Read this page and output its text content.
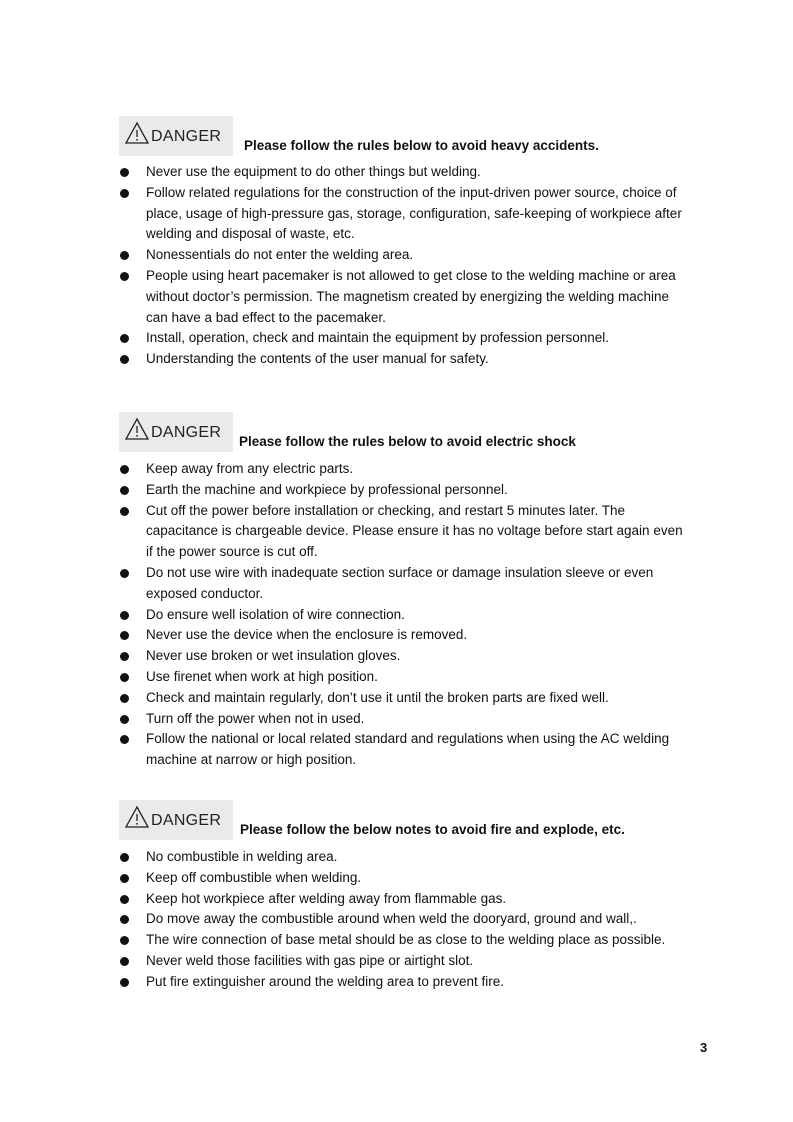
DANGER
Please follow the rules below to avoid heavy accidents.
Never use the equipment to do other things but welding.
Follow related regulations for the construction of the input-driven power source, choice of
place, usage of high-pressure gas, storage, configuration, safe-keeping of workpiece after
welding and disposal of waste, etc.
Nonessentials do not enter the welding area.
People using heart pacemaker is not allowed to get close to the welding machine or area
without doctor’s permission. The magnetism created by energizing the welding machine
can have a bad effect to the pacemaker.
Install, operation, check and maintain the equipment by profession personnel.
Understanding the contents of the user manual for safety.
DANGER
Please follow the rules below to avoid electric shock
Keep away from any electric parts.
Earth the machine and workpiece by professional personnel.
Cut off the power before installation or checking, and restart 5 minutes later. The
capacitance is chargeable device. Please ensure it has no voltage before start again even
if the power source is cut off.
Do not use wire with inadequate section surface or damage insulation sleeve or even
exposed conductor.
Do ensure well isolation of wire connection.
Never use the device when the enclosure is removed.
Never use broken or wet insulation gloves.
Use firenet when work at high position.
Check and maintain regularly, don’t use it until the broken parts are fixed well.
Turn off the power when not in used.
Follow the national or local related standard and regulations when using the AC welding
machine at narrow or high position.
DANGER
Please follow the below notes to avoid fire and explode, etc.
No combustible in welding area.
Keep off combustible when welding.
Keep hot workpiece after welding away from flammable gas.
Do move away the combustible around when weld the dooryard, ground and wall,.
The wire connection of base metal should be as close to the welding place as possible.
Never weld those facilities with gas pipe or airtight slot.
Put fire extinguisher around the welding area to prevent fire.
3
